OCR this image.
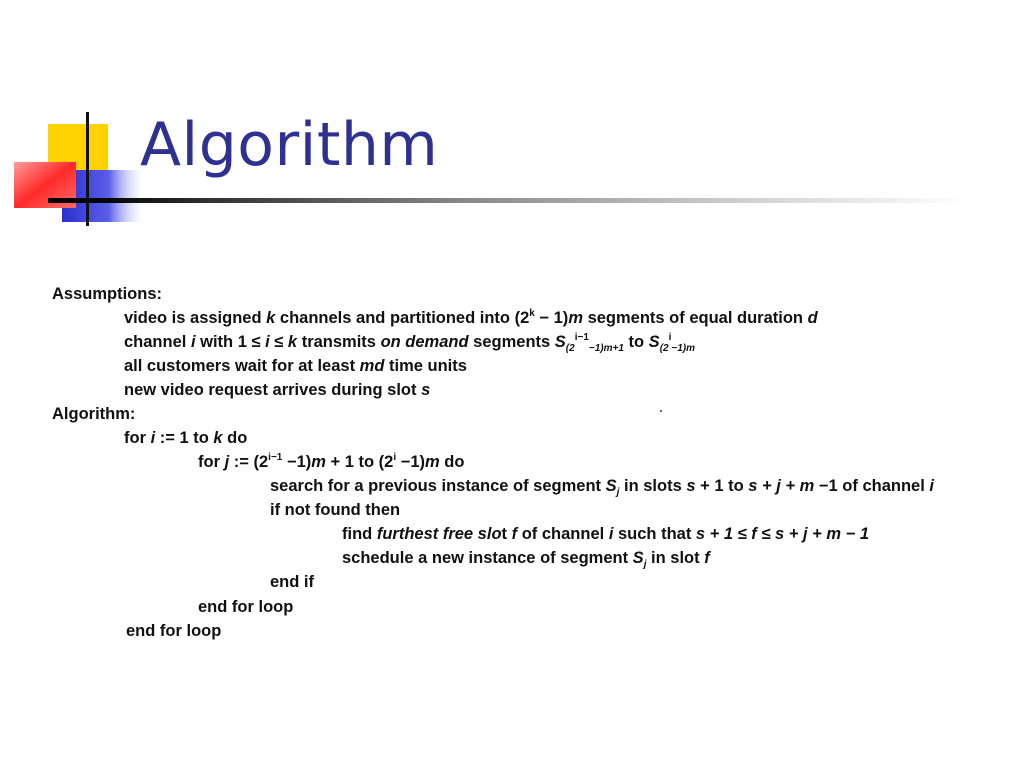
Algorithm
Assumptions:
video is assigned k channels and partitioned into $(2^k - 1)m$ segments of equal duration d
channel i with 1 ≤ i ≤ k transmits on demand segments $S_{(2}^{i-1}_{-1)m+1}$ to $S_{(2}^i_{-1)m}$
all customers wait for at least md time units
new video request arrives during slot s
Algorithm:
for i := 1 to k do
for j := $(2^{i-1} -1)m + 1$ to $(2^i -1)m$ do
search for a previous instance of segment $S_j$ in slots s + 1 to s + j + m −1 of channel i
if not found then
find furthest free slot f of channel i such that s + 1 ≤ f ≤ s + j + m − 1
schedule a new instance of segment $S_j$ in slot f
end if
end for loop
end for loop
